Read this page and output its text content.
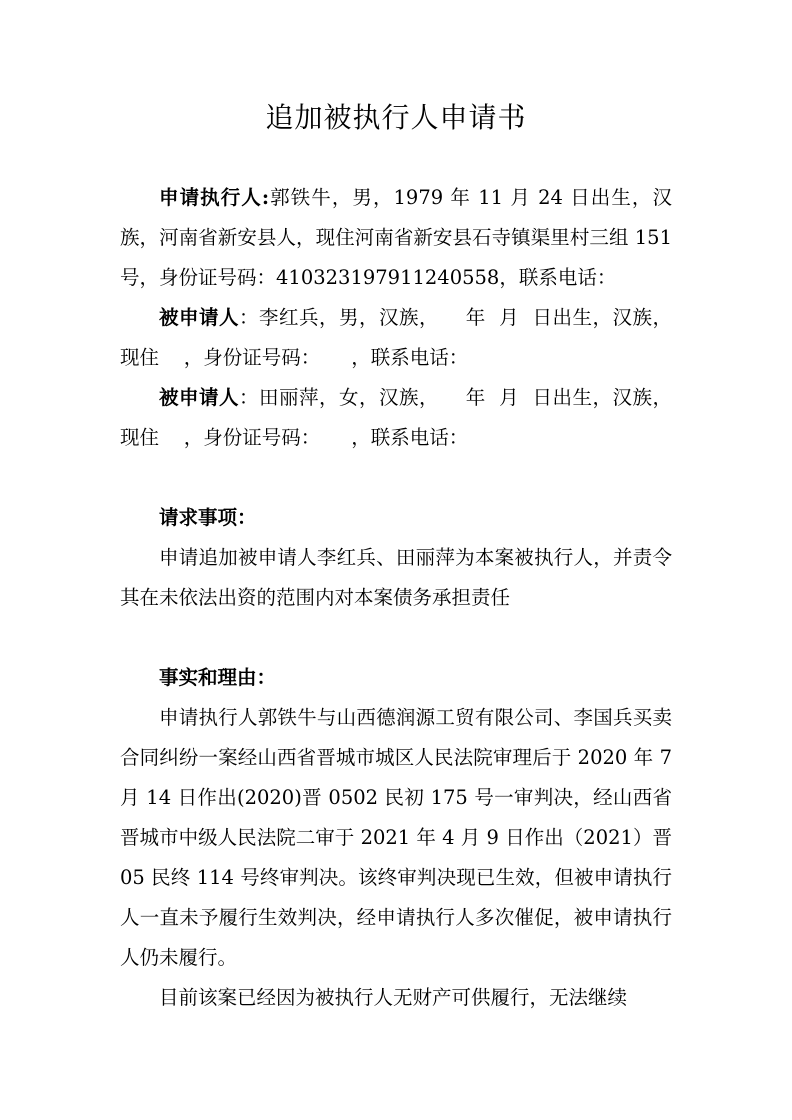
追加被执行人申请书

申请执行人:郭铁牛，男，1979 年 11 月 24 日出生，汉族，河南省新安县人，现住河南省新安县石寺镇渠里村三组 151 号，身份证号码：410323197911240558，联系电话：

被申请人：李红兵，男，汉族，    年  月  日出生，汉族，现住    ，身份证号码：     ，联系电话：

被申请人：田丽萍，女，汉族，    年  月  日出生，汉族，现住    ，身份证号码：     ，联系电话：

请求事项：

申请追加被申请人李红兵、田丽萍为本案被执行人，并责令其在未依法出资的范围内对本案债务承担责任

事实和理由：

申请执行人郭铁牛与山西德润源工贸有限公司、李国兵买卖合同纠纷一案经山西省晋城市城区人民法院审理后于 2020 年 7 月 14 日作出(2020)晋 0502 民初 175 号一审判决，经山西省晋城市中级人民法院二审于 2021 年 4 月 9 日作出（2021）晋 05 民终 114 号终审判决。该终审判决现已生效，但被申请执行人一直未予履行生效判决，经申请执行人多次催促，被申请执行人仍未履行。

目前该案已经因为被执行人无财产可供履行，无法继续
